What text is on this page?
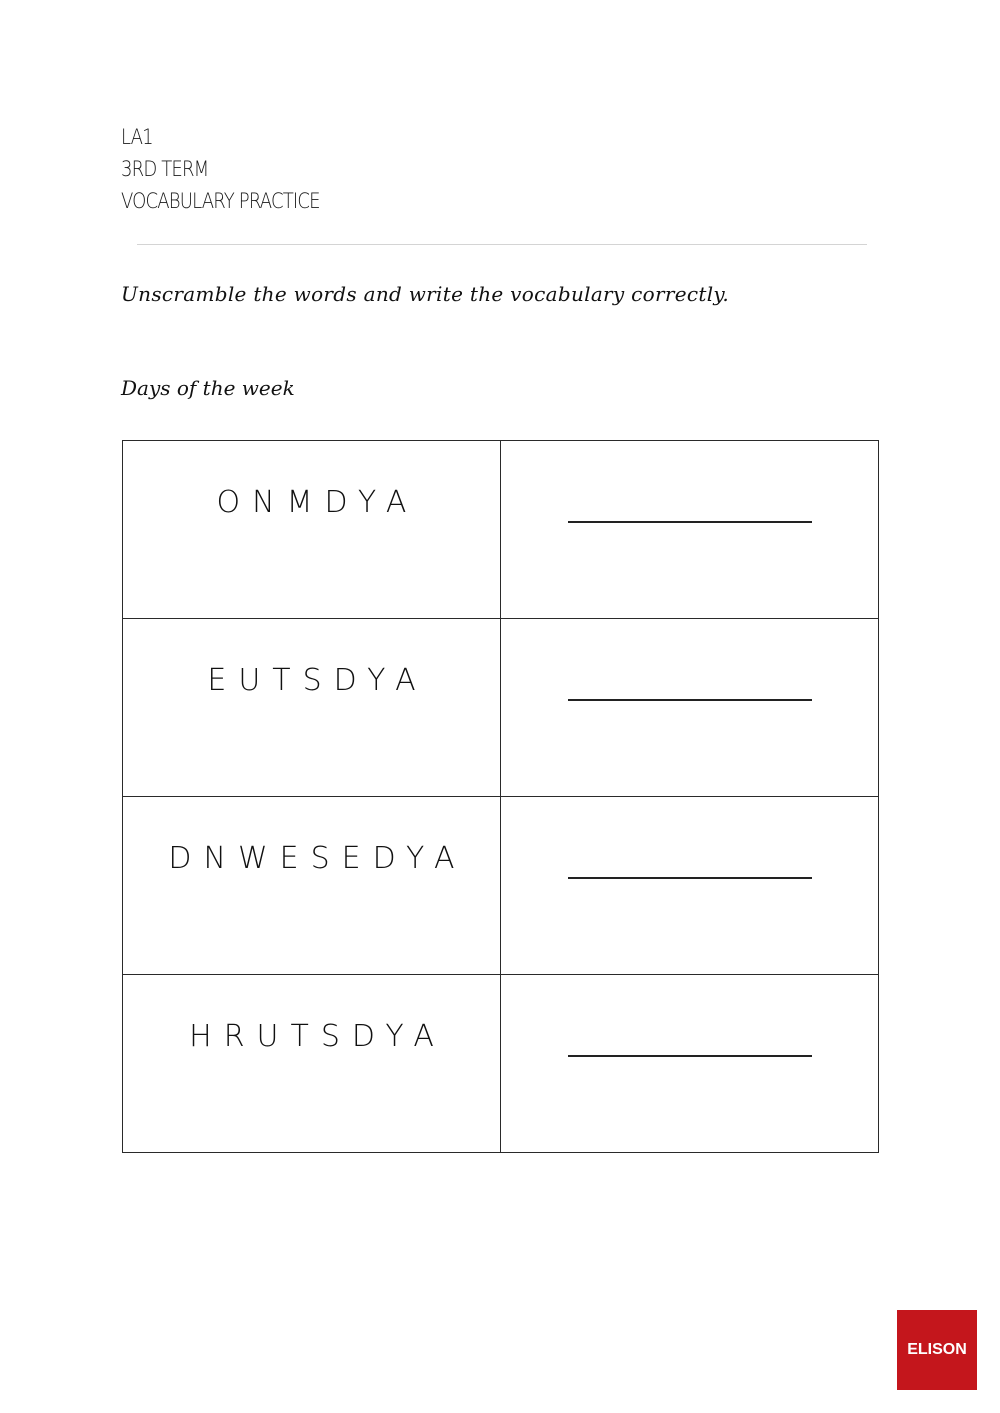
LA1
3RD TERM
VOCABULARY PRACTICE
Unscramble the words and write the vocabulary correctly.
Days of the week
ONMDYA	

EUTSDYA	

DNWESEDYA	

HRUTSDYA	

ELISON
